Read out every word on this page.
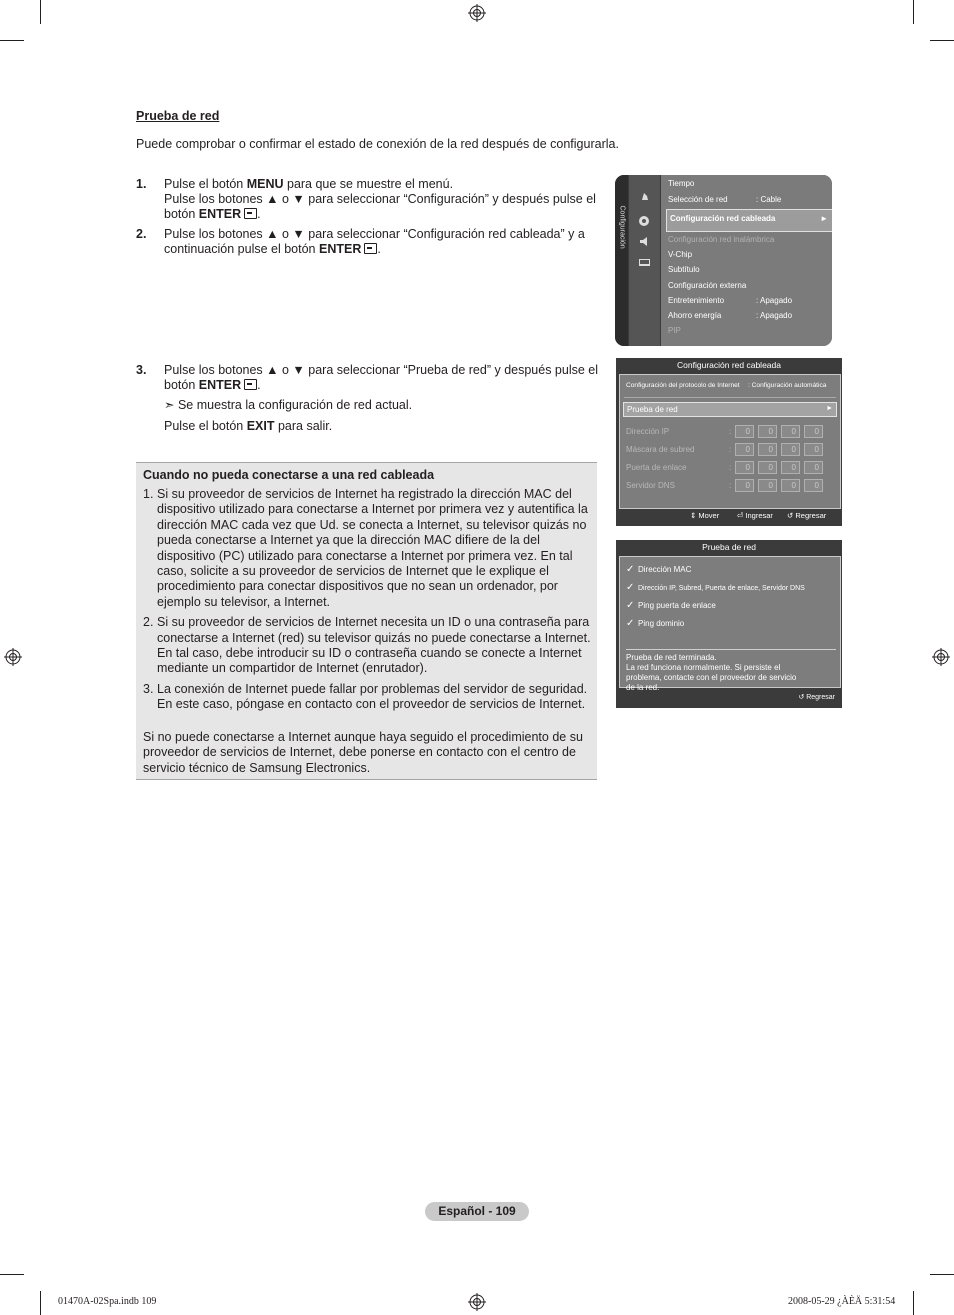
Prueba de red
Puede comprobar o confirmar el estado de conexión de la red después de configurarla.
1. Pulse el botón MENU para que se muestre el menú.

Pulse los botones ▲ o ▼ para seleccionar “Configuración” y después pulse el botón ENTER .

2. Pulse los botones ▲ o ▼ para seleccionar “Configuración red cableada” y a continuación pulse el botón ENTER .

3. Pulse los botones ▲ o ▼ para seleccionar “Prueba de red” y después pulse el botón ENTER .

➣ Se muestra la configuración de red actual.

Pulse el botón EXIT para salir.

Cuando no pueda conectarse a una red cableada
1. Si su proveedor de servicios de Internet ha registrado la dirección MAC del dispositivo utilizado para conectarse a Internet por primera vez y autentifica la dirección MAC cada vez que Ud. se conecta a Internet, su televisor quizás no pueda conectarse a Internet ya que la dirección MAC difiere de la del dispositivo (PC) utilizado para conectarse a Internet por primera vez. En tal caso, solicite a su proveedor de servicios de Internet que le explique el procedimiento para conectar dispositivos que no sean un ordenador, por ejemplo su televisor, a Internet.
2. Si su proveedor de servicios de Internet necesita un ID o una contraseña para conectarse a Internet (red) su televisor quizás no puede conectarse a Internet. En tal caso, debe introducir su ID o contraseña cuando se conecte a Internet mediante un compartidor de Internet (enrutador).
3. La conexión de Internet puede fallar por problemas del servidor de seguridad. En este caso, póngase en contacto con el proveedor de servicios de Internet.
Si no puede conectarse a Internet aunque haya seguido el procedimiento de su proveedor de servicios de Internet, debe ponerse en contacto con el centro de servicio técnico de Samsung Electronics.
Configuración
Tiempo
Selección de red	: Cable
Configuración red cableada	►
Configuración red inalámbrica
V-Chip
Subtítulo
Configuración externa
Entretenimiento	: Apagado
Ahorro energía	: Apagado
PIP
Configuración red cableada
Configuración del protocolo de Internet : Configuración automática
Prueba de red	►
Dirección IP	:	0	0	0	0
Máscara de subred	:	0	0	0	0
Puerta de enlace	:	0	0	0	0
Servidor DNS	:	0	0	0	0
⇕ Mover ⏎ Ingresar ↺ Regresar
Prueba de red
✓ Dirección MAC
✓ Dirección IP, Subred, Puerta de enlace, Servidor DNS
✓ Ping puerta de enlace
✓ Ping dominio
Prueba de red terminada.
La red funciona normalmente. Si persiste el
problema, contacte con el proveedor de servicio
de la red.
↺ Regresar
Español - 109
01470A-02Spa.indb 109	2008-05-29 ¿ÀÈÄ 5:31:54
